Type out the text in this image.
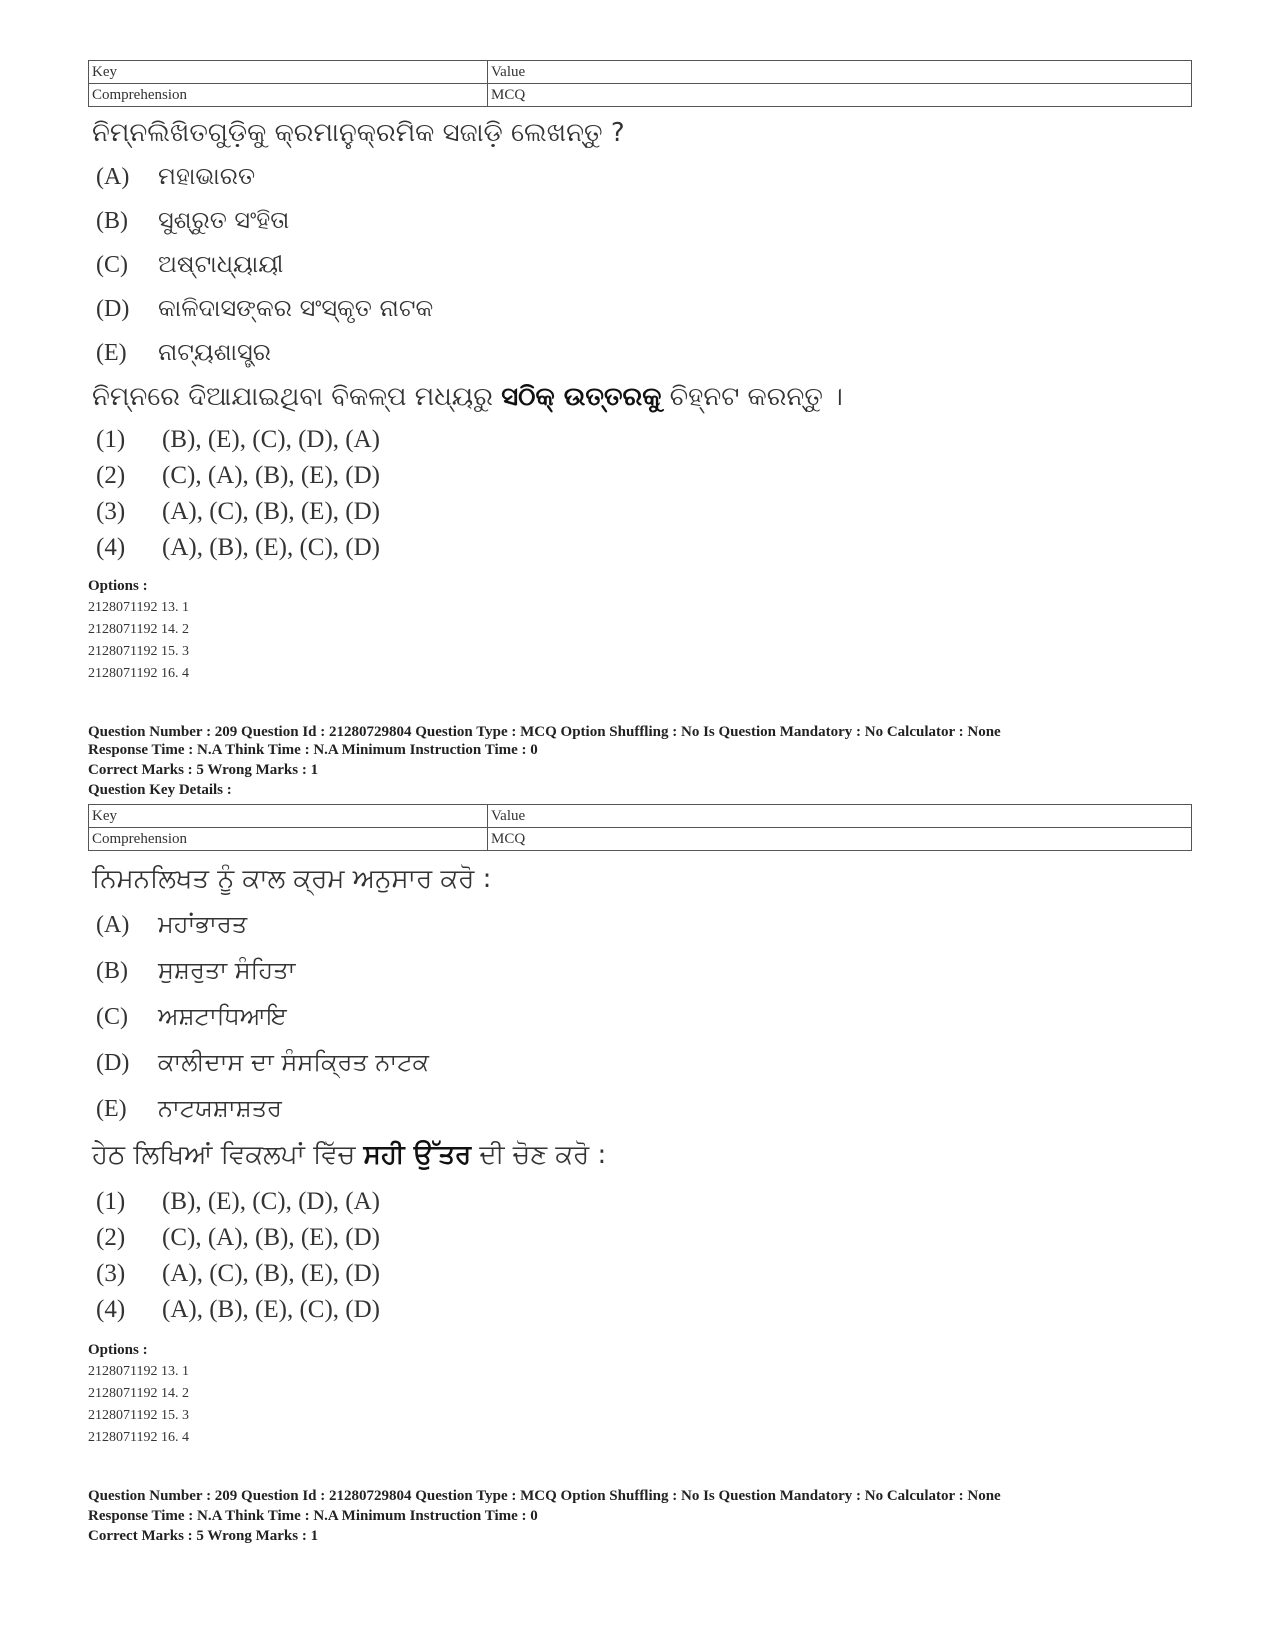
Key	Value
Comprehension	MCQ
ନିମ୍ନଲିଖିତଗୁଡ଼ିକୁ କ୍ରମାନୁକ୍ରମିକ ସଜାଡ଼ି ଲେଖନ୍ତୁ ?
(A) ମହାଭାରତ
(B) ସୁଶ୍ରୁତ ସଂହିତା
(C) ଅଷ୍ଟାଧ୍ୟାୟୀ
(D) କାଳିଦାସଙ୍କର ସଂସ୍କୃତ ନାଟକ
(E) ନାଟ୍ୟଶାସ୍ତ୍ର
ନିମ୍ନରେ ଦିଆଯାଇଥିବା ବିକଳ୍ପ ମଧ୍ୟରୁ ସଠିକ୍ ଉତ୍ତରକୁ ଚିହ୍ନଟ କରନ୍ତୁ ।
(1) (B), (E), (C), (D), (A)
(2) (C), (A), (B), (E), (D)
(3) (A), (C), (B), (E), (D)
(4) (A), (B), (E), (C), (D)
Options :
2128071192 13. 1
2128071192 14. 2
2128071192 15. 3
2128071192 16. 4
Question Number : 209 Question Id : 21280729804 Question Type : MCQ Option Shuffling : No Is Question Mandatory : No Calculator : None
Response Time : N.A Think Time : N.A Minimum Instruction Time : 0
Correct Marks : 5 Wrong Marks : 1
Question Key Details :
Key	Value
Comprehension	MCQ
ਨਿਮਨਲਿਖਤ ਨੂੰ ਕਾਲ ਕ੍ਰਮ ਅਨੁਸਾਰ ਕਰੋ :
(A) ਮਹਾਂਭਾਰਤ
(B) ਸੁਸ਼ਰੁਤਾ ਸੰਹਿਤਾ
(C) ਅਸ਼ਟਾਧਿਆਇ
(D) ਕਾਲੀਦਾਸ ਦਾ ਸੰਸਕ੍ਰਿਤ ਨਾਟਕ
(E) ਨਾਟਯਸ਼ਾਸ਼ਤਰ
ਹੇਠ ਲਿਖਿਆਂ ਵਿਕਲਪਾਂ ਵਿੱਚ ਸਹੀ ਉੱਤਰ ਦੀ ਚੋਣ ਕਰੋ :
(1) (B), (E), (C), (D), (A)
(2) (C), (A), (B), (E), (D)
(3) (A), (C), (B), (E), (D)
(4) (A), (B), (E), (C), (D)
Options :
2128071192 13. 1
2128071192 14. 2
2128071192 15. 3
2128071192 16. 4
Question Number : 209 Question Id : 21280729804 Question Type : MCQ Option Shuffling : No Is Question Mandatory : No Calculator : None
Response Time : N.A Think Time : N.A Minimum Instruction Time : 0
Correct Marks : 5 Wrong Marks : 1
